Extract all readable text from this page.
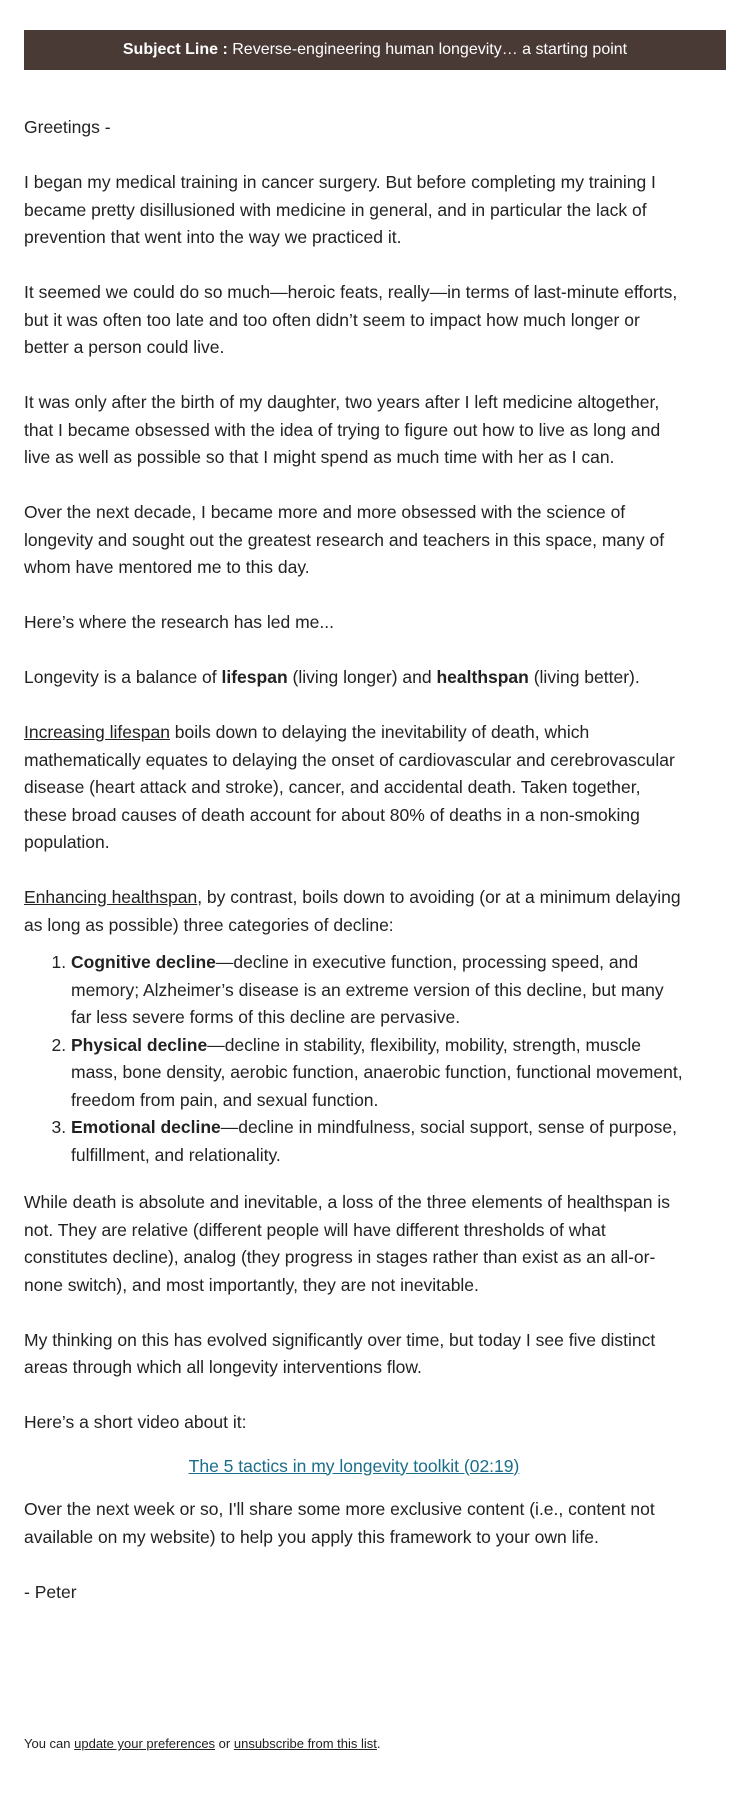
Subject Line : Reverse-engineering human longevity… a starting point

Greetings -

I began my medical training in cancer surgery. But before completing my training I became pretty disillusioned with medicine in general, and in particular the lack of prevention that went into the way we practiced it.

It seemed we could do so much—heroic feats, really—in terms of last-minute efforts, but it was often too late and too often didn’t seem to impact how much longer or better a person could live.

It was only after the birth of my daughter, two years after I left medicine altogether, that I became obsessed with the idea of trying to figure out how to live as long and live as well as possible so that I might spend as much time with her as I can.

Over the next decade, I became more and more obsessed with the science of longevity and sought out the greatest research and teachers in this space, many of whom have mentored me to this day.

Here’s where the research has led me...

Longevity is a balance of lifespan (living longer) and healthspan (living better).

Increasing lifespan boils down to delaying the inevitability of death, which mathematically equates to delaying the onset of cardiovascular and cerebrovascular disease (heart attack and stroke), cancer, and accidental death. Taken together, these broad causes of death account for about 80% of deaths in a non-smoking population.

Enhancing healthspan, by contrast, boils down to avoiding (or at a minimum delaying as long as possible) three categories of decline:

1. Cognitive decline—decline in executive function, processing speed, and memory; Alzheimer’s disease is an extreme version of this decline, but many far less severe forms of this decline are pervasive.
2. Physical decline—decline in stability, flexibility, mobility, strength, muscle mass, bone density, aerobic function, anaerobic function, functional movement, freedom from pain, and sexual function.
3. Emotional decline—decline in mindfulness, social support, sense of purpose, fulfillment, and relationality.

While death is absolute and inevitable, a loss of the three elements of healthspan is not. They are relative (different people will have different thresholds of what constitutes decline), analog (they progress in stages rather than exist as an all-or-none switch), and most importantly, they are not inevitable.

My thinking on this has evolved significantly over time, but today I see five distinct areas through which all longevity interventions flow.

Here’s a short video about it:

The 5 tactics in my longevity toolkit (02:19)

Over the next week or so, I'll share some more exclusive content (i.e., content not available on my website) to help you apply this framework to your own life.

- Peter

You can update your preferences or unsubscribe from this list.
